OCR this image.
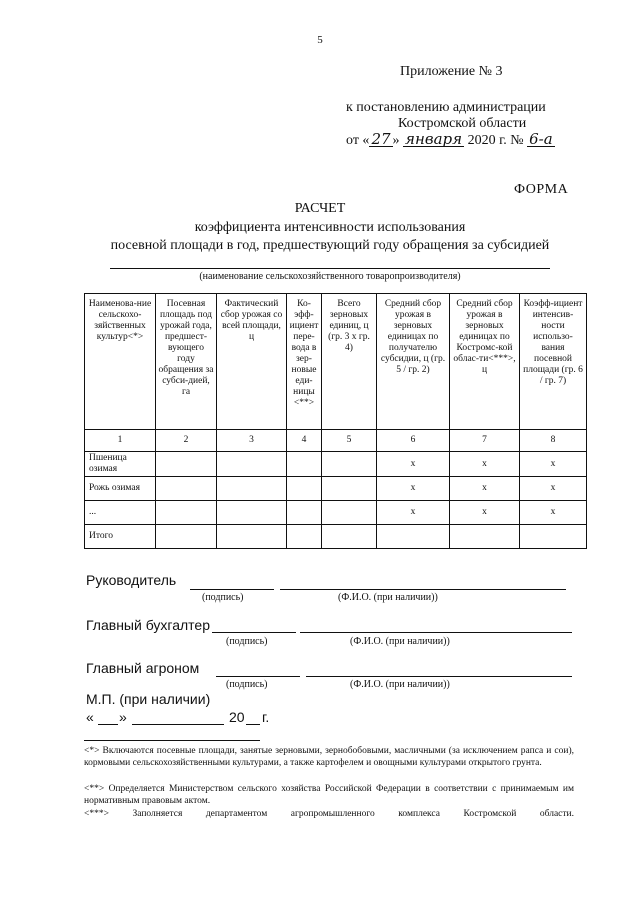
5
Приложение № 3
к постановлению администрации
Костромской области
от « 27 » января 2020 г. № 6-а
ФОРМА
РАСЧЕТ
коэффициента интенсивности использования
посевной площади в год, предшествующий году обращения за субсидией
(наименование сельскохозяйственного товаропроизводителя)
Наименова-ние сельскохо-зяйственных культур<*>	Посевная площадь под урожай года, предшест-вующего году обращения за субси-дией, га	Фактический сбор урожая со всей площади, ц	Ко-эфф-ициент пере-вода в зер-новые еди-ницы <**>	Всего зерновых единиц, ц (гр. 3 x гр. 4)	Средний сбор урожая в зерновых единицах по получателю субсидии, ц (гр. 5 / гр. 2)	Средний сбор урожая в зерновых единицах по Костромс-кой облас-ти<***>, ц	Коэфф-ициент интенсив-ности использо-вания посевной площади (гр. 6 / гр. 7)
1	2	3	4	5	6	7	8
Пшеница озимая					x	x	x
Рожь озимая					x	x	x
...					x	x	x
Итого							
Руководитель
(подпись)	(Ф.И.О. (при наличии))
Главный бухгалтер
(подпись)	(Ф.И.О. (при наличии))
Главный агроном
(подпись)	(Ф.И.О. (при наличии))
М.П. (при наличии)
« »	20 г.
<*> Включаются посевные площади, занятые зерновыми, зернобобовыми, масличными (за исключением рапса и сои), кормовыми сельскохозяйственными культурами, а также картофелем и овощными культурами открытого грунта.
<**> Определяется Министерством сельского хозяйства Российской Федерации в соответствии с принимаемым им нормативным правовым актом.
<***> Заполняется департаментом агропромышленного комплекса Костромской области.
